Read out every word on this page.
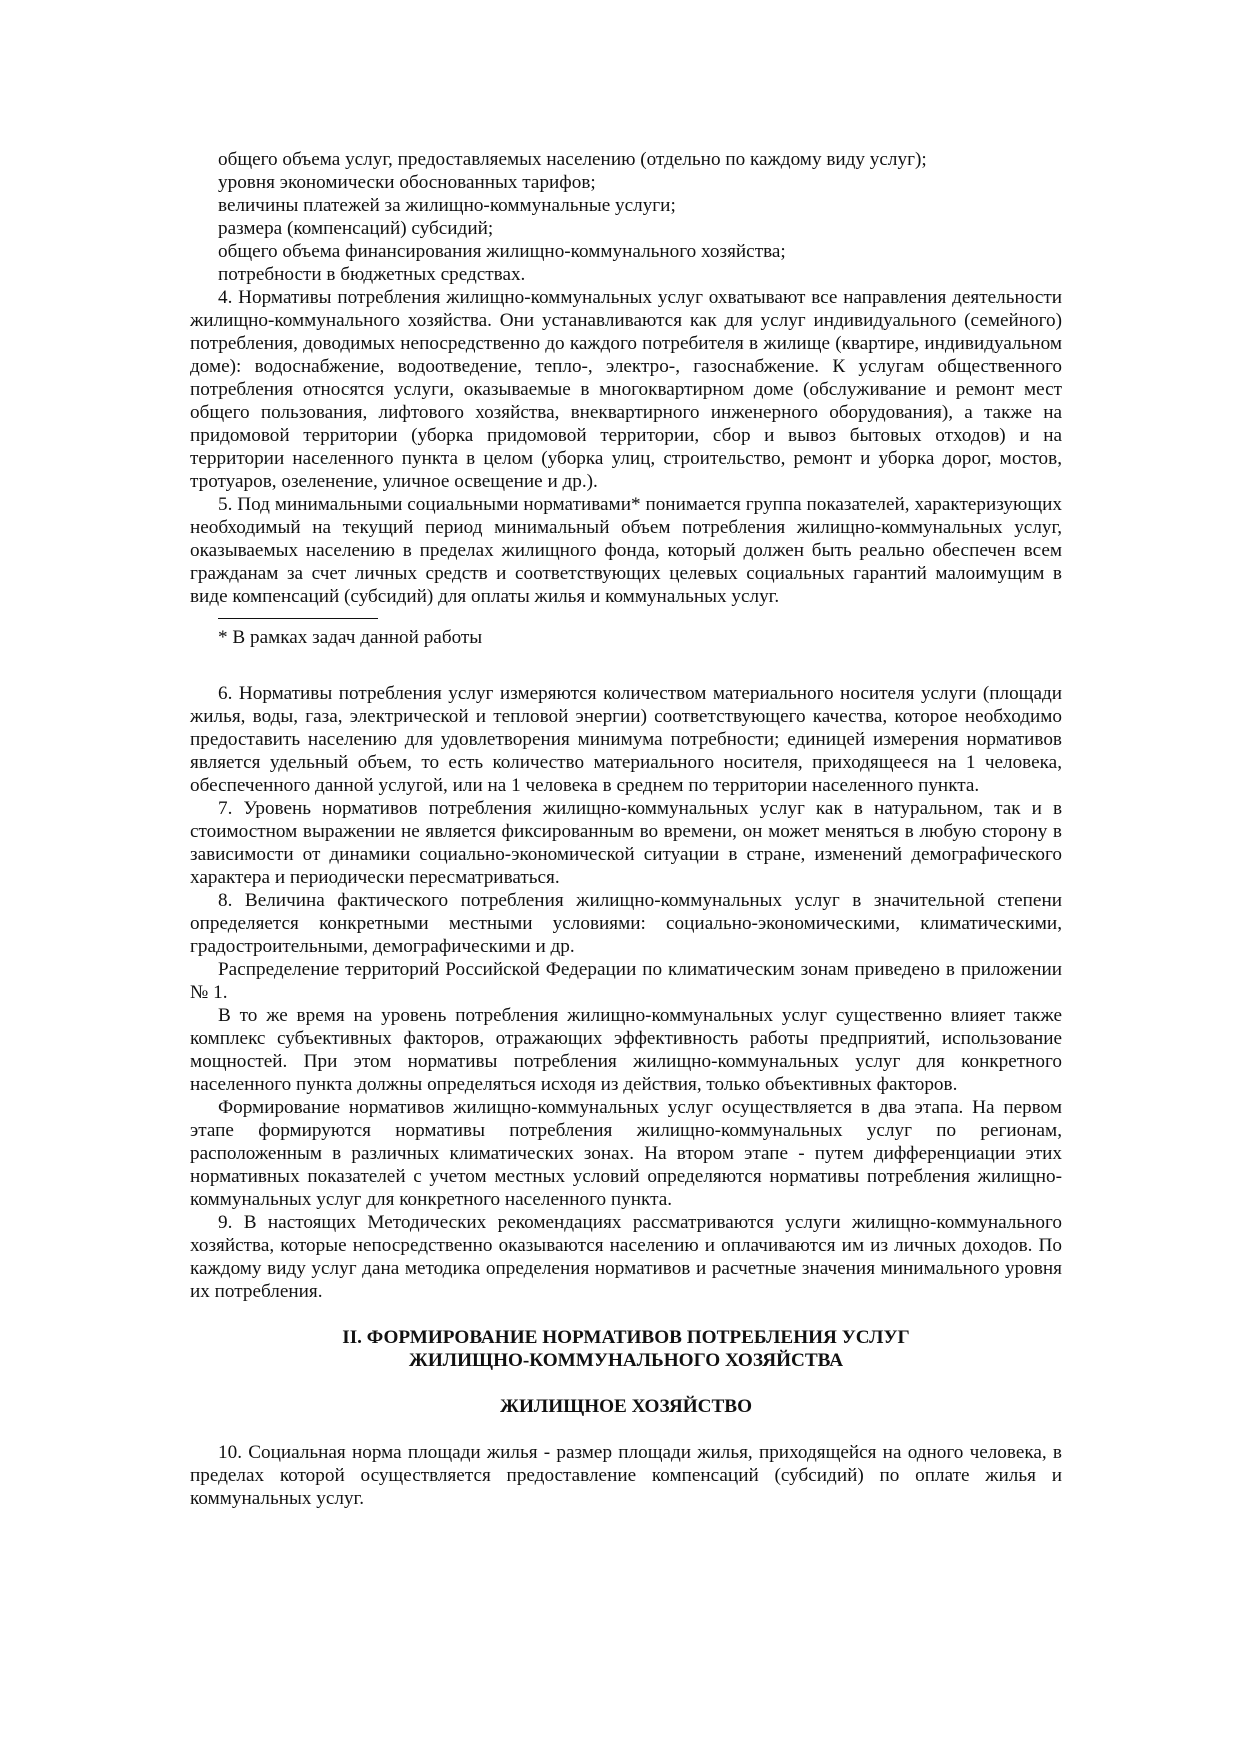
общего объема услуг, предоставляемых населению (отдельно по каждому виду услуг);

уровня экономически обоснованных тарифов;

величины платежей за жилищно-коммунальные услуги;

размера (компенсаций) субсидий;

общего объема финансирования жилищно-коммунального хозяйства;

потребности в бюджетных средствах.

4. Нормативы потребления жилищно-коммунальных услуг охватывают все направления деятельности жилищно-коммунального хозяйства. Они устанавливаются как для услуг индивидуального (семейного) потребления, доводимых непосредственно до каждого потребителя в жилище (квартире, индивидуальном доме): водоснабжение, водоотведение, тепло-, электро-, газоснабжение. К услугам общественного потребления относятся услуги, оказываемые в многоквартирном доме (обслуживание и ремонт мест общего пользования, лифтового хозяйства, внеквартирного инженерного оборудования), а также на придомовой территории (уборка придомовой территории, сбор и вывоз бытовых отходов) и на территории населенного пункта в целом (уборка улиц, строительство, ремонт и уборка дорог, мостов, тротуаров, озеленение, уличное освещение и др.).

5. Под минимальными социальными нормативами* понимается группа показателей, характеризующих необходимый на текущий период минимальный объем потребления жилищно-коммунальных услуг, оказываемых населению в пределах жилищного фонда, который должен быть реально обеспечен всем гражданам за счет личных средств и соответствующих целевых социальных гарантий малоимущим в виде компенсаций (субсидий) для оплаты жилья и коммунальных услуг.

* В рамках задач данной работы

6. Нормативы потребления услуг измеряются количеством материального носителя услуги (площади жилья, воды, газа, электрической и тепловой энергии) соответствующего качества, которое необходимо предоставить населению для удовлетворения минимума потребности; единицей измерения нормативов является удельный объем, то есть количество материального носителя, приходящееся на 1 человека, обеспеченного данной услугой, или на 1 человека в среднем по территории населенного пункта.

7. Уровень нормативов потребления жилищно-коммунальных услуг как в натуральном, так и в стоимостном выражении не является фиксированным во времени, он может меняться в любую сторону в зависимости от динамики социально-экономической ситуации в стране, изменений демографического характера и периодически пересматриваться.

8. Величина фактического потребления жилищно-коммунальных услуг в значительной степени определяется конкретными местными условиями: социально-экономическими, климатическими, градостроительными, демографическими и др.

Распределение территорий Российской Федерации по климатическим зонам приведено в приложении № 1.

В то же время на уровень потребления жилищно-коммунальных услуг существенно влияет также комплекс субъективных факторов, отражающих эффективность работы предприятий, использование мощностей. При этом нормативы потребления жилищно-коммунальных услуг для конкретного населенного пункта должны определяться исходя из действия, только объективных факторов.

Формирование нормативов жилищно-коммунальных услуг осуществляется в два этапа. На первом этапе формируются нормативы потребления жилищно-коммунальных услуг по регионам, расположенным в различных климатических зонах. На втором этапе - путем дифференциации этих нормативных показателей с учетом местных условий определяются нормативы потребления жилищно-коммунальных услуг для конкретного населенного пункта.

9. В настоящих Методических рекомендациях рассматриваются услуги жилищно-коммунального хозяйства, которые непосредственно оказываются населению и оплачиваются им из личных доходов. По каждому виду услуг дана методика определения нормативов и расчетные значения минимального уровня их потребления.

II. ФОРМИРОВАНИЕ НОРМАТИВОВ ПОТРЕБЛЕНИЯ УСЛУГ
ЖИЛИЩНО-КОММУНАЛЬНОГО ХОЗЯЙСТВА
ЖИЛИЩНОЕ ХОЗЯЙСТВО

10. Социальная норма площади жилья - размер площади жилья, приходящейся на одного человека, в пределах которой осуществляется предоставление компенсаций (субсидий) по оплате жилья и коммунальных услуг.
